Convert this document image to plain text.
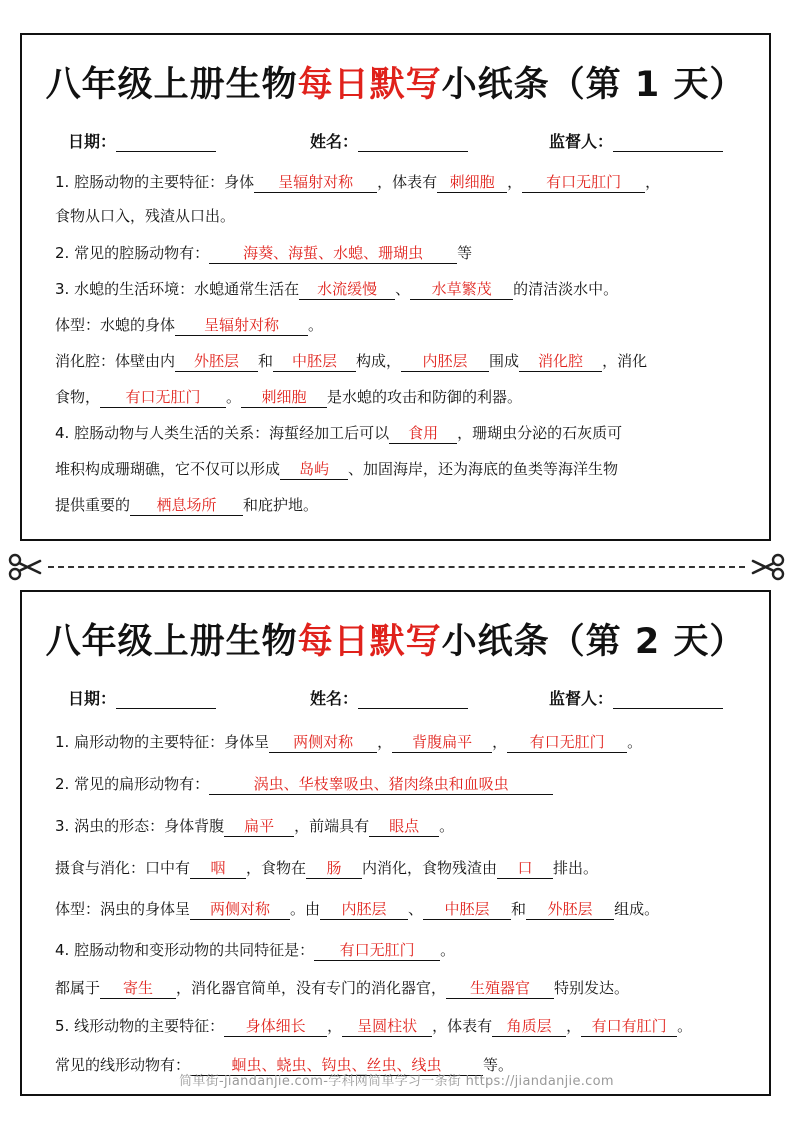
八年级上册生物每日默写小纸条（第 1 天）
日期：	姓名：	监督人：
1. 腔肠动物的主要特征：身体 呈辐射对称 ，体表有 刺细胞 ， 有口无肛门 ，
食物从口入，残渣从口出。
2. 常见的腔肠动物有： 海葵、海蜇、水螅、珊瑚虫 等
3. 水螅的生活环境：水螅通常生活在 水流缓慢 、 水草繁茂 的清洁淡水中。
体型：水螅的身体 呈辐射对称 。
消化腔：体壁由内 外胚层 和 中胚层 构成， 内胚层 围成 消化腔 ，消化
食物， 有口无肛门 。 刺细胞 是水螅的攻击和防御的利器。
4. 腔肠动物与人类生活的关系：海蜇经加工后可以 食用 ，珊瑚虫分泌的石灰质可
堆积构成珊瑚礁，它不仅可以形成 岛屿 、加固海岸，还为海底的鱼类等海洋生物
提供重要的 栖息场所 和庇护地。
八年级上册生物每日默写小纸条（第 2 天）
日期：	姓名：	监督人：
1. 扁形动物的主要特征：身体呈 两侧对称 ， 背腹扁平 ， 有口无肛门 。
2. 常见的扁形动物有：	涡虫、华枝睾吸虫、猪肉绦虫和血吸虫
3. 涡虫的形态：身体背腹 扁平 ，前端具有 眼点 。
摄食与消化：口中有 咽 ，食物在 肠 内消化，食物残渣由 口 排出。
体型：涡虫的身体呈 两侧对称 。由 内胚层 、 中胚层 和 外胚层 组成。
4. 腔肠动物和变形动物的共同特征是： 有口无肛门 。
都属于 寄生 ，消化器官简单，没有专门的消化器官， 生殖器官 特别发达。
5. 线形动物的主要特征： 身体细长 ， 呈圆柱状 ，体表有 角质层 ， 有口有肛门 。
常见的线形动物有：	蛔虫、蛲虫、钩虫、丝虫、线虫	等。
简单街-jiandanjie.com-学科网简单学习一条街 https://jiandanjie.com
